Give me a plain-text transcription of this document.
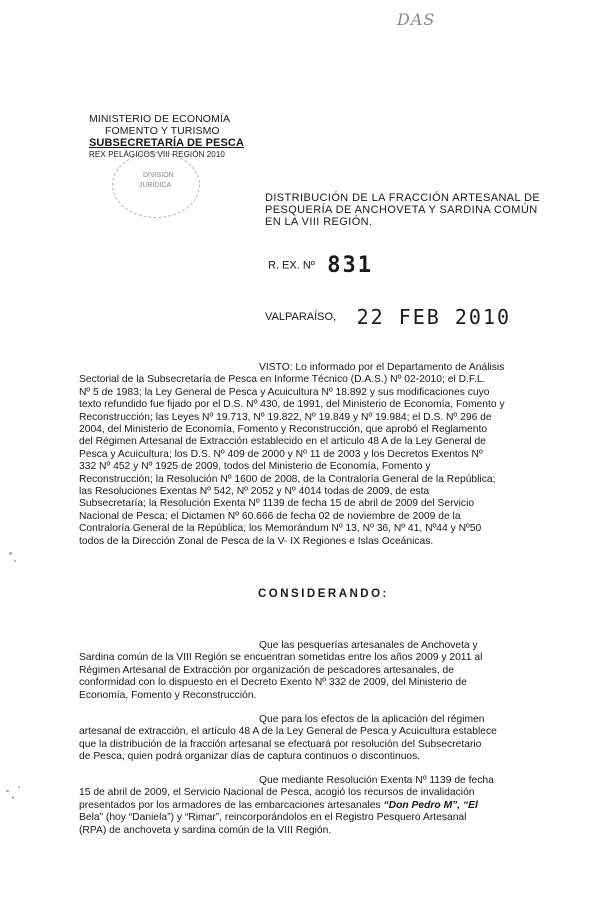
DAS
MINISTERIO DE ECONOMÍA
FOMENTO Y TURISMO
SUBSECRETARÍA DE PESCA
REX PELÁGICOS VIII REGIÓN 2010
DIVISIÓN
JURÍDICA
DISTRIBUCIÓN DE LA FRACCIÓN ARTESANAL DE
PESQUERÍA DE ANCHOVETA Y SARDINA COMÚN
EN LA VIII REGIÓN.
R. EX. Nº 831
VALPARAÍSO, 22 FEB 2010
VISTO: Lo informado por el Departamento de Análisis
Sectorial de la Subsecretaría de Pesca en Informe Técnico (D.A.S.) Nº 02-2010; el D.F.L.
Nº 5 de 1983; la Ley General de Pesca y Acuicultura Nº 18.892 y sus modificaciones cuyo
texto refundido fue fijado por el D.S. Nº 430, de 1991, del Ministerio de Economía, Fomento y
Reconstrucción; las Leyes Nº 19.713, Nº 19.822, Nº 19.849 y Nº 19.984; el D.S. Nº 296 de
2004, del Ministerio de Economía, Fomento y Reconstrucción, que aprobó el Reglamento
del Régimen Artesanal de Extracción establecido en el artículo 48 A de la Ley General de
Pesca y Acuicultura; los D.S. Nº 409 de 2000 y Nº 11 de 2003 y los Decretos Exentos Nº
332 Nº 452 y Nº 1925 de 2009, todos del Ministerio de Economía, Fomento y
Reconstrucción; la Resolución Nº 1600 de 2008, de la Contraloría General de la República;
las Resoluciones Exentas Nº 542, Nº 2052 y Nº 4014 todas de 2009, de esta
Subsecretaría; la Resolución Exenta Nº 1139 de fecha 15 de abril de 2009 del Servicio
Nacional de Pesca; el Dictamen Nº 60.666 de fecha 02 de noviembre de 2009 de la
Contraloría General de la República; los Memorándum Nº 13, Nº 36, Nº 41, Nº44 y Nº50
todos de la Dirección Zonal de Pesca de la V- IX Regiones e Islas Oceánicas.
CONSIDERANDO:
Que las pesquerías artesanales de Anchoveta y
Sardina común de la VIII Región se encuentran sometidas entre los años 2009 y 2011 al
Régimen Artesanal de Extracción por organización de pescadores artesanales, de
conformidad con lo dispuesto en el Decreto Exento Nº 332 de 2009, del Ministerio de
Economía, Fomento y Reconstrucción.
Que para los efectos de la aplicación del régimen
artesanal de extracción, el artículo 48 A de la Ley General de Pesca y Acuicultura establece
que la distribución de la fracción artesanal se efectuará por resolución del Subsecretario
de Pesca, quien podrá organizar días de captura continuos o discontinuos.
Que mediante Resolución Exenta Nº 1139 de fecha
15 de abril de 2009, el Servicio Nacional de Pesca, acogió los recursos de invalidación
presentados por los armadores de las embarcaciones artesanales “Don Pedro M”, “El
Bela” (hoy “Daniela”) y “Rimar”, reincorporándolos en el Registro Pesquero Artesanal
(RPA) de anchoveta y sardina común de la VIII Región.
